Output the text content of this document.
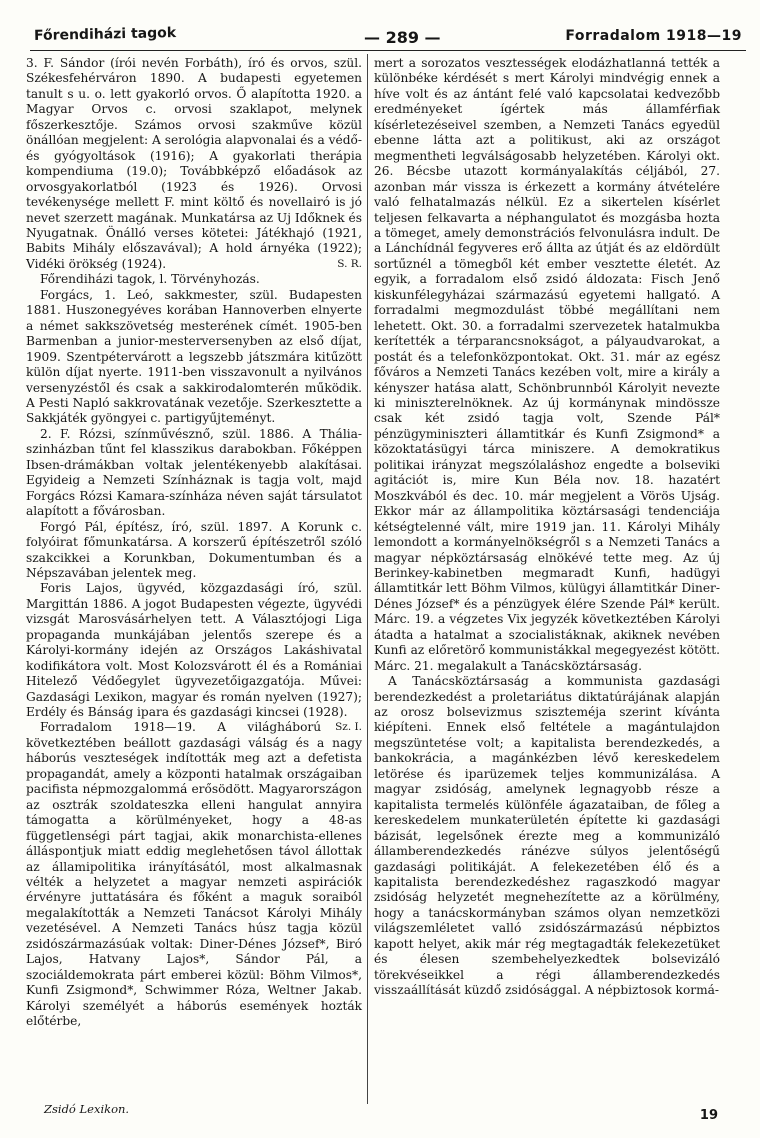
Főrendiházi tagok	— 289 —	Forradalom 1918—19

3. F. Sándor (írói nevén Forbáth), író és orvos, szül. Székesfehérváron 1890. A budapesti egyetemen tanult s u. o. lett gyakorló orvos. Ő alapította 1920. a Magyar Orvos c. orvosi szaklapot, melynek főszerkesztője. Számos orvosi szakműve közül önállóan megjelent: A serológia alapvonalai és a védő- és gyógyoltások (1916); A gyakorlati therápia kompendiuma (19.0); Továbbképző előadások az orvosgyakorlatból (1923 és 1926). Orvosi tevékenysége mellett F. mint költő és novellairó is jó nevet szerzett magának. Munkatársa az Uj Időknek és Nyugatnak. Önálló verses kötetei: Játékhajó (1921, Babits Mihály előszavával); A hold árnyéka (1922); Vidéki örökség (1924).	S. R.

Főrendiházi tagok, l. Törvényhozás.

Forgács, 1. Leó, sakkmester, szül. Budapesten 1881. Huszonegyéves korában Hannoverben elnyerte a német sakkszövetség mesterének címét. 1905-ben Barmenban a junior-mesterversenyben az első díjat, 1909. Szentpétervárott a legszebb játszmára kitűzött külön díjat nyerte. 1911-ben visszavonult a nyilvános versenyzéstől és csak a sakkirodalomterén működik. A Pesti Napló sakkrovatának vezetője. Szerkesztette a Sakkjáték gyöngyei c. partigyűjteményt.

2. F. Rózsi, színművésznő, szül. 1886. A Thália-szinházban tűnt fel klasszikus darabokban. Főképpen Ibsen-drámákban voltak jelentékenyebb alakításai. Egyideig a Nemzeti Színháznak is tagja volt, majd Forgács Rózsi Kamara-színháza néven saját társulatot alapított a fővárosban.

Forgó Pál, építész, író, szül. 1897. A Korunk c. folyóirat főmunkatársa. A korszerű építészetről szóló szakcikkei a Korunkban, Dokumentumban és a Népszavában jelentek meg.

Foris Lajos, ügyvéd, közgazdasági író, szül. Margittán 1886. A jogot Budapesten végezte, ügyvédi vizsgát Marosvásárhelyen tett. A Választójogi Liga propaganda munkájában jelentős szerepe és a Károlyi-kormány idején az Országos Lakáshivatal kodifikátora volt. Most Kolozsvárott él és a Romániai Hitelező Védőegylet ügyvezetőigazgatója. Művei: Gazdasági Lexikon, magyar és román nyelven (1927); Erdély és Bánság ipara és gazdasági kincsei (1928).
Sz. I.

Forradalom 1918—19. A világháború következtében beállott gazdasági válság és a nagy háborús veszteségek indították meg azt a defetista propagandát, amely a központi hatalmak országaiban pacifista népmozgalommá erősödött. Magyarországon az osztrák szoldateszka elleni hangulat annyira támogatta a körülményeket, hogy a 48-as függetlenségi párt tagjai, akik monarchista-ellenes álláspontjuk miatt eddig meglehetősen távol állottak az államipolitika irányításától, most alkalmasnak vélték a helyzetet a magyar nemzeti aspirációk érvényre juttatására és főként a maguk soraiból megalakították a Nemzeti Tanácsot Károlyi Mihály vezetésével. A Nemzeti Tanács húsz tagja közül zsidószármazásúak voltak: Diner-Dénes József*, Biró Lajos, Hatvany Lajos*, Sándor Pál, a szociáldemokrata párt emberei közül: Böhm Vilmos*, Kunfi Zsigmond*, Schwimmer Róza, Weltner Jakab. Károlyi személyét a háborús események hozták előtérbe,

mert a sorozatos vesztességek elodázhatlanná tették a különbéke kérdését s mert Károlyi mindvégig ennek a híve volt és az ántánt felé való kapcsolatai kedvezőbb eredményeket ígértek más államférfiak kísérletezéseivel szemben, a Nemzeti Tanács egyedül ebenne látta azt a politikust, aki az országot megmentheti legválságosabb helyzetében. Károlyi okt. 26. Bécsbe utazott kormányalakítás céljából, 27. azonban már vissza is érkezett a kormány átvételére való felhatalmazás nélkül. Ez a sikertelen kísérlet teljesen felkavarta a néphangulatot és mozgásba hozta a tömeget, amely demonstrációs felvonulásra indult. De a Lánchídnál fegyveres erő állta az útját és az eldördült sortűznél a tömegből két ember vesztette életét. Az egyik, a forradalom első zsidó áldozata: Fisch Jenő kiskunfélegyházai származású egyetemi hallgató. A forradalmi megmozdulást többé megállítani nem lehetett. Okt. 30. a forradalmi szervezetek hatalmukba kerítették a térparancsnokságot, a pályaudvarokat, a postát és a telefonközpontokat. Okt. 31. már az egész főváros a Nemzeti Tanács kezében volt, mire a király a kényszer hatása alatt, Schönbrunnból Károlyit nevezte ki miniszterelnöknek. Az új kormánynak mindössze csak két zsidó tagja volt, Szende Pál* pénzügyminiszteri államtitkár és Kunfi Zsigmond* a közoktatásügyi tárca miniszere. A demokratikus politikai irányzat megszólaláshoz engedte a bolseviki agitációt is, mire Kun Béla nov. 18. hazatért Moszkvából és dec. 10. már megjelent a Vörös Ujság. Ekkor már az állampolitika köztársasági tendenciája kétségtelenné vált, mire 1919 jan. 11. Károlyi Mihály lemondott a kormányelnökségről s a Nemzeti Tanács a magyar népköztársaság elnökévé tette meg. Az új Berinkey-kabinetben megmaradt Kunfi, hadügyi államtitkár lett Böhm Vilmos, külügyi államtitkár Diner-Dénes József* és a pénzügyek élére Szende Pál* került. Márc. 19. a végzetes Vix jegyzék következtében Károlyi átadta a hatalmat a szocialistáknak, akiknek nevében Kunfi az előretörő kommunistákkal megegyezést kötött. Márc. 21. megalakult a Tanácsköztársaság.

A Tanácsköztársaság a kommunista gazdasági berendezkedést a proletariátus diktatúrájának alapján az orosz bolsevizmus sziszteméja szerint kívánta kiépíteni. Ennek első feltétele a magántulajdon megszüntetése volt; a kapitalista berendezkedés, a bankokrácia, a magánkézben lévő kereskedelem letörése és iparüzemek teljes kommunizálása. A magyar zsidóság, amelynek legnagyobb része a kapitalista termelés különféle ágazataiban, de főleg a kereskedelem munkaterületén építette ki gazdasági bázisát, legelsőnek érezte meg a kommunizáló államberendezkedés ránézve súlyos jelentőségű gazdasági politikáját. A felekezetében élő és a kapitalista berendezkedéshez ragaszkodó magyar zsidóság helyzetét megnehezítette az a körülmény, hogy a tanácskormányban számos olyan nemzetközi világszemléletet valló zsidószármazású népbiztos kapott helyet, akik már rég megtagadták felekezetüket és élesen szembehelyezkedtek bolsevizáló törekvéseikkel a régi államberendezkedés visszaállítását küzdő zsidósággal. A népbiztosok kormá-

Zsidó Lexikon.	19
